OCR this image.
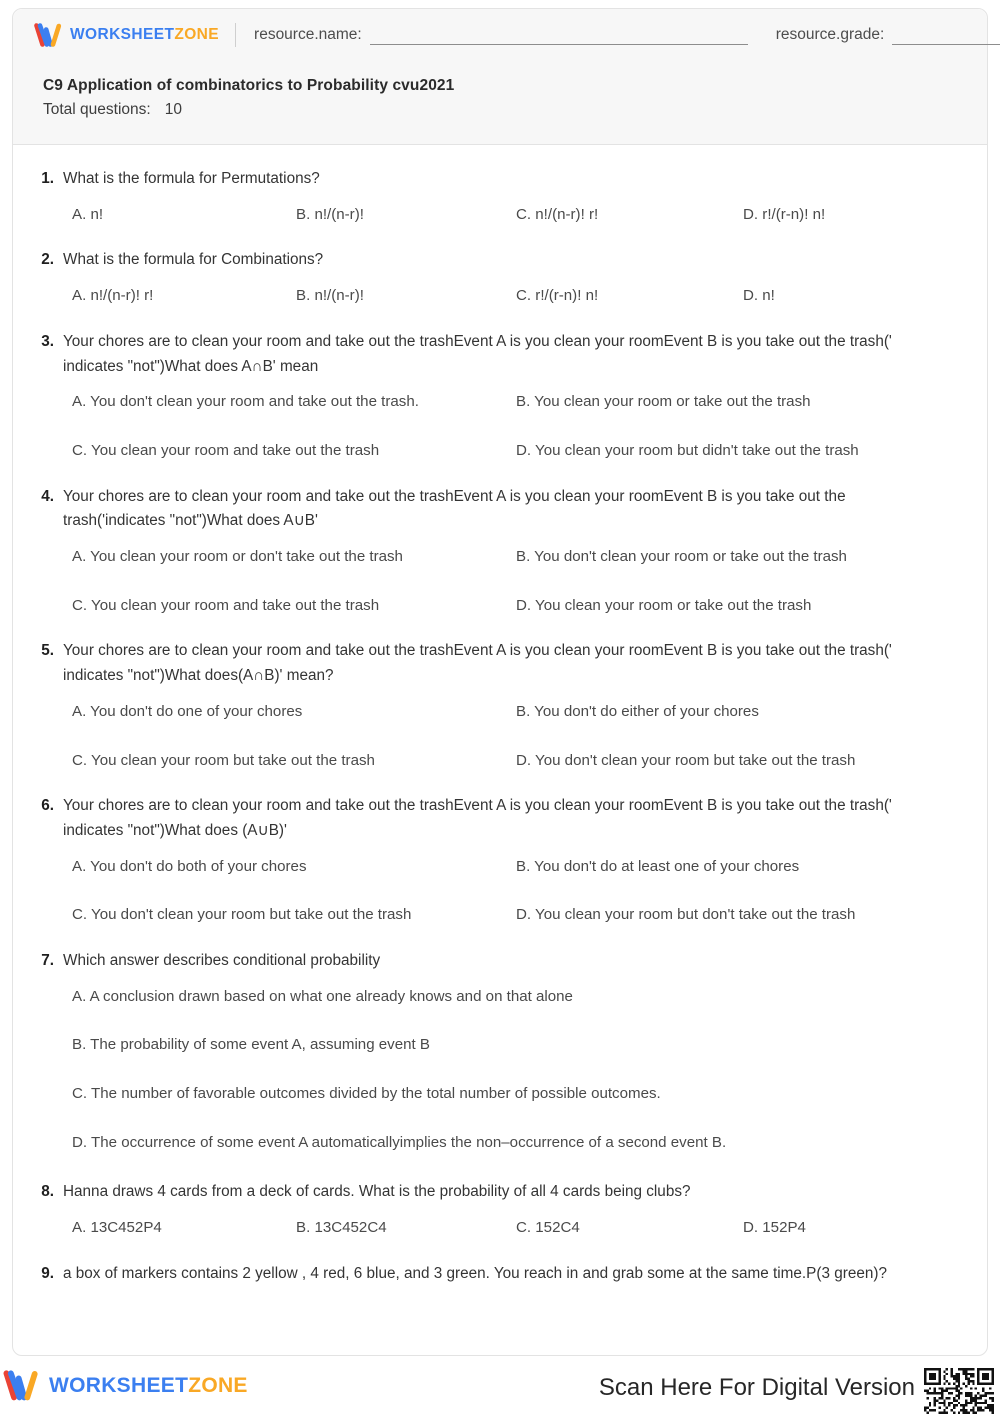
WORKSHEETZONE resource.name:	resource.grade:
C9 Application of combinatorics to Probability cvu2021
Total questions: 10
1. What is the formula for Permutations?
A. n!	B. n!/(n-r)!	C. n!/(n-r)! r!	D. r!/(r-n)! n!
2. What is the formula for Combinations?
A. n!/(n-r)! r!	B. n!/(n-r)!	C. r!/(r-n)! n!	D. n!
3. Your chores are to clean your room and take out the trashEvent A is you clean your roomEvent B is you take out the trash(' indicates "not")What does A∩B' mean
A. You don't clean your room and take out the trash.	B. You clean your room or take out the trash
C. You clean your room and take out the trash	D. You clean your room but didn't take out the trash
4. Your chores are to clean your room and take out the trashEvent A is you clean your roomEvent B is you take out the trash('indicates "not")What does A∪B'
A. You clean your room or don't take out the trash	B. You don't clean your room or take out the trash
C. You clean your room and take out the trash	D. You clean your room or take out the trash
5. Your chores are to clean your room and take out the trashEvent A is you clean your roomEvent B is you take out the trash(' indicates "not")What does(A∩B)' mean?
A. You don't do one of your chores	B. You don't do either of your chores
C. You clean your room but take out the trash	D. You don't clean your room but take out the trash
6. Your chores are to clean your room and take out the trashEvent A is you clean your roomEvent B is you take out the trash(' indicates "not")What does (A∪B)'
A. You don't do both of your chores	B. You don't do at least one of your chores
C. You don't clean your room but take out the trash	D. You clean your room but don't take out the trash
7. Which answer describes conditional probability
A. A conclusion drawn based on what one already knows and on that alone
B. The probability of some event A, assuming event B
C. The number of favorable outcomes divided by the total number of possible outcomes.
D. The occurrence of some event A automaticallyimplies the non–occurrence of a second event B.
8. Hanna draws 4 cards from a deck of cards. What is the probability of all 4 cards being clubs?
A. 13C452P4	B. 13C452C4	C. 152C4	D. 152P4
9. a box of markers contains 2 yellow , 4 red, 6 blue, and 3 green. You reach in and grab some at the same time.P(3 green)?
WORKSHEETZONE	Scan Here For Digital Version
